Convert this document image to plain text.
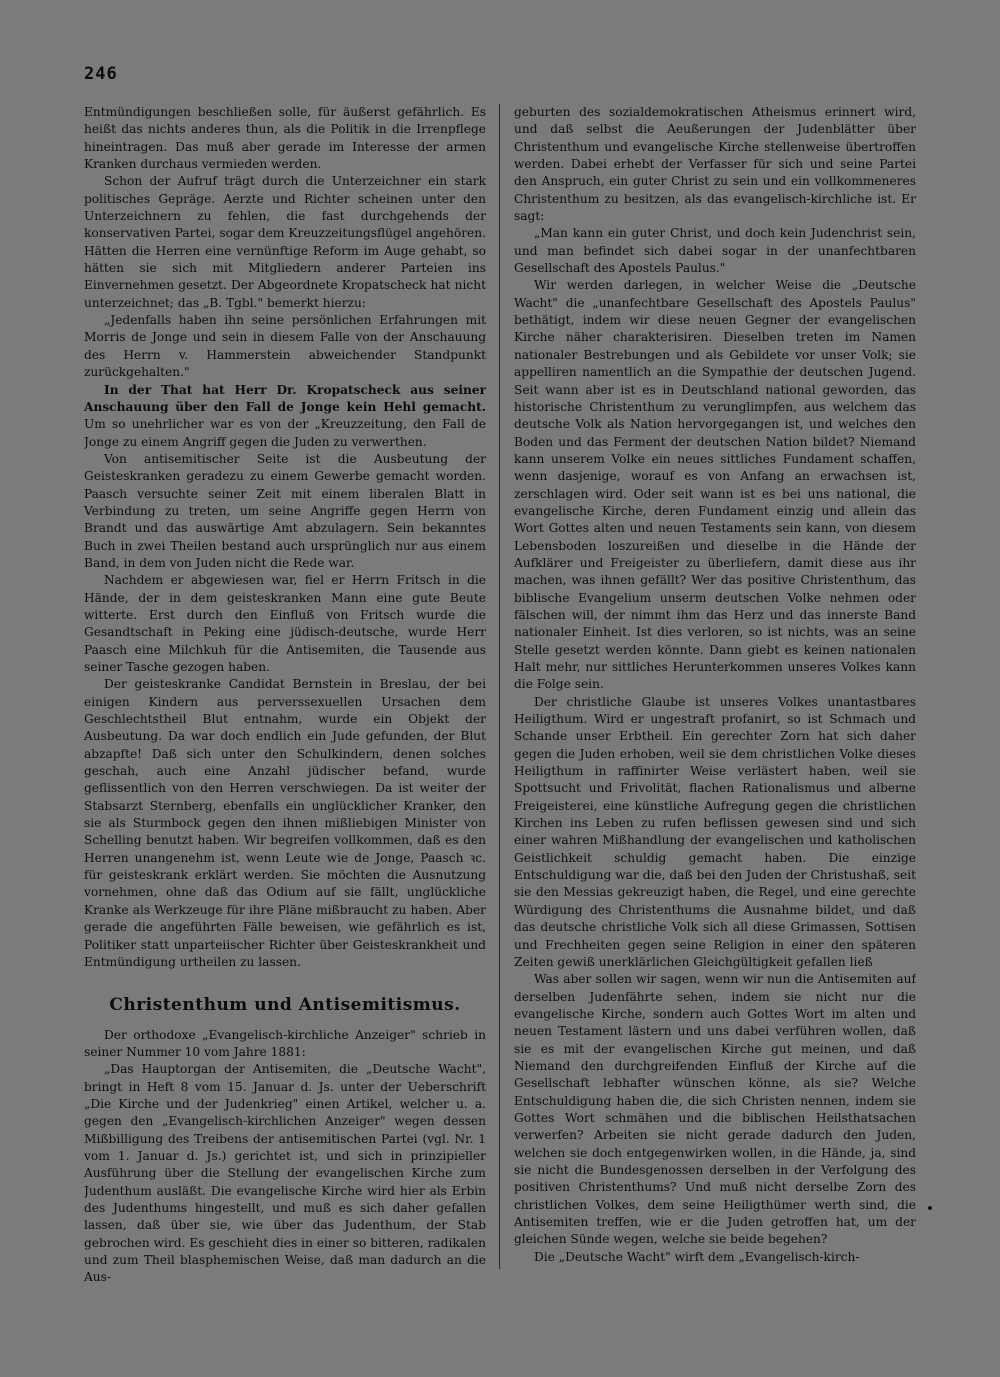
246

Entmündigungen beschließen solle, für äußerst gefährlich. Es heißt das nichts anderes thun, als die Politik in die Irrenpflege hineintragen. Das muß aber gerade im Interesse der armen Kranken durchaus vermieden werden.

Schon der Aufruf trägt durch die Unterzeichner ein stark politisches Gepräge. Aerzte und Richter scheinen unter den Unterzeichnern zu fehlen, die fast durchgehends der konservativen Partei, sogar dem Kreuzzeitungsflügel angehören. Hätten die Herren eine vernünftige Reform im Auge gehabt, so hätten sie sich mit Mitgliedern anderer Parteien ins Einvernehmen gesetzt. Der Abgeordnete Kropatscheck hat nicht unterzeichnet; das „B. Tgbl." bemerkt hierzu:

„Jedenfalls haben ihn seine persönlichen Erfahrungen mit Morris de Jonge und sein in diesem Falle von der Anschauung des Herrn v. Hammerstein abweichender Standpunkt zurückgehalten."

In der That hat Herr Dr. Kropatscheck aus seiner Anschauung über den Fall de Jonge kein Hehl gemacht. Um so unehrlicher war es von der „Kreuzzeitung, den Fall de Jonge zu einem Angriff gegen die Juden zu verwerthen.

Von antisemitischer Seite ist die Ausbeutung der Geisteskranken geradezu zu einem Gewerbe gemacht worden. Paasch versuchte seiner Zeit mit einem liberalen Blatt in Verbindung zu treten, um seine Angriffe gegen Herrn von Brandt und das auswärtige Amt abzulagern. Sein bekanntes Buch in zwei Theilen bestand auch ursprünglich nur aus einem Band, in dem von Juden nicht die Rede war.

Nachdem er abgewiesen war, fiel er Herrn Fritsch in die Hände, der in dem geisteskranken Mann eine gute Beute witterte. Erst durch den Einfluß von Fritsch wurde die Gesandtschaft in Peking eine jüdisch-deutsche, wurde Herr Paasch eine Milchkuh für die Antisemiten, die Tausende aus seiner Tasche gezogen haben.

Der geisteskranke Candidat Bernstein in Breslau, der bei einigen Kindern aus perverssexuellen Ursachen dem Geschlechtstheil Blut entnahm, wurde ein Objekt der Ausbeutung. Da war doch endlich ein Jude gefunden, der Blut abzapfte! Daß sich unter den Schulkindern, denen solches geschah, auch eine Anzahl jüdischer befand, wurde geflissentlich von den Herren verschwiegen. Da ist weiter der Stabsarzt Sternberg, ebenfalls ein unglücklicher Kranker, den sie als Sturmbock gegen den ihnen mißliebigen Minister von Schelling benutzt haben. Wir begreifen vollkommen, daß es den Herren unangenehm ist, wenn Leute wie de Jonge, Paasch ꝛc. für geisteskrank erklärt werden. Sie möchten die Ausnutzung vornehmen, ohne daß das Odium auf sie fällt, unglückliche Kranke als Werkzeuge für ihre Pläne mißbraucht zu haben. Aber gerade die angeführten Fälle beweisen, wie gefährlich es ist, Politiker statt unparteiischer Richter über Geisteskrankheit und Entmündigung urtheilen zu lassen.

Christenthum und Antisemitismus.

Der orthodoxe „Evangelisch-kirchliche Anzeiger" schrieb in seiner Nummer 10 vom Jahre 1881:

„Das Hauptorgan der Antisemiten, die „Deutsche Wacht", bringt in Heft 8 vom 15. Januar d. Js. unter der Ueberschrift „Die Kirche und der Judenkrieg" einen Artikel, welcher u. a. gegen den „Evangelisch-kirchlichen Anzeiger" wegen dessen Mißbilligung des Treibens der antisemitischen Partei (vgl. Nr. 1 vom 1. Januar d. Js.) gerichtet ist, und sich in prinzipieller Ausführung über die Stellung der evangelischen Kirche zum Judenthum ausläßt. Die evangelische Kirche wird hier als Erbin des Judenthums hingestellt, und muß es sich daher gefallen lassen, daß über sie, wie über das Judenthum, der Stab gebrochen wird. Es geschieht dies in einer so bitteren, radikalen und zum Theil blasphemischen Weise, daß man dadurch an die Aus-

geburten des sozialdemokratischen Atheismus erinnert wird, und daß selbst die Aeußerungen der Judenblätter über Christenthum und evangelische Kirche stellenweise übertroffen werden. Dabei erhebt der Verfasser für sich und seine Partei den Anspruch, ein guter Christ zu sein und ein vollkommeneres Christenthum zu besitzen, als das evangelisch-kirchliche ist. Er sagt:

„Man kann ein guter Christ, und doch kein Judenchrist sein, und man befindet sich dabei sogar in der unanfechtbaren Gesellschaft des Apostels Paulus."

Wir werden darlegen, in welcher Weise die „Deutsche Wacht" die „unanfechtbare Gesellschaft des Apostels Paulus" bethätigt, indem wir diese neuen Gegner der evangelischen Kirche näher charakterisiren. Dieselben treten im Namen nationaler Bestrebungen und als Gebildete vor unser Volk; sie appelliren namentlich an die Sympathie der deutschen Jugend. Seit wann aber ist es in Deutschland national geworden, das historische Christenthum zu verunglimpfen, aus welchem das deutsche Volk als Nation hervorgegangen ist, und welches den Boden und das Ferment der deutschen Nation bildet? Niemand kann unserem Volke ein neues sittliches Fundament schaffen, wenn dasjenige, worauf es von Anfang an erwachsen ist, zerschlagen wird. Oder seit wann ist es bei uns national, die evangelische Kirche, deren Fundament einzig und allein das Wort Gottes alten und neuen Testaments sein kann, von diesem Lebensboden loszureißen und dieselbe in die Hände der Aufklärer und Freigeister zu überliefern, damit diese aus ihr machen, was ihnen gefällt? Wer das positive Christenthum, das biblische Evangelium unserm deutschen Volke nehmen oder fälschen will, der nimmt ihm das Herz und das innerste Band nationaler Einheit. Ist dies verloren, so ist nichts, was an seine Stelle gesetzt werden könnte. Dann giebt es keinen nationalen Halt mehr, nur sittliches Herunterkommen unseres Volkes kann die Folge sein.

Der christliche Glaube ist unseres Volkes unantastbares Heiligthum. Wird er ungestraft profanirt, so ist Schmach und Schande unser Erbtheil. Ein gerechter Zorn hat sich daher gegen die Juden erhoben, weil sie dem christlichen Volke dieses Heiligthum in raffinirter Weise verlästert haben, weil sie Spottsucht und Frivolität, flachen Rationalismus und alberne Freigeisterei, eine künstliche Aufregung gegen die christlichen Kirchen ins Leben zu rufen beflissen gewesen sind und sich einer wahren Mißhandlung der evangelischen und katholischen Geistlichkeit schuldig gemacht haben. Die einzige Entschuldigung war die, daß bei den Juden der Christushaß, seit sie den Messias gekreuzigt haben, die Regel, und eine gerechte Würdigung des Christenthums die Ausnahme bildet, und daß das deutsche christliche Volk sich all diese Grimassen, Sottisen und Frechheiten gegen seine Religion in einer den späteren Zeiten gewiß unerklärlichen Gleichgültigkeit gefallen ließ

Was aber sollen wir sagen, wenn wir nun die Antisemiten auf derselben Judenfährte sehen, indem sie nicht nur die evangelische Kirche, sondern auch Gottes Wort im alten und neuen Testament lästern und uns dabei verführen wollen, daß sie es mit der evangelischen Kirche gut meinen, und daß Niemand den durchgreifenden Einfluß der Kirche auf die Gesellschaft lebhafter wünschen könne, als sie? Welche Entschuldigung haben die, die sich Christen nennen, indem sie Gottes Wort schmähen und die biblischen Heilsthatsachen verwerfen? Arbeiten sie nicht gerade dadurch den Juden, welchen sie doch entgegenwirken wollen, in die Hände, ja, sind sie nicht die Bundesgenossen derselben in der Verfolgung des positiven Christenthums? Und muß nicht derselbe Zorn des christlichen Volkes, dem seine Heiligthümer werth sind, die Antisemiten treffen, wie er die Juden getroffen hat, um der gleichen Sünde wegen, welche sie beide begehen?

Die „Deutsche Wacht" wirft dem „Evangelisch-kirch-
